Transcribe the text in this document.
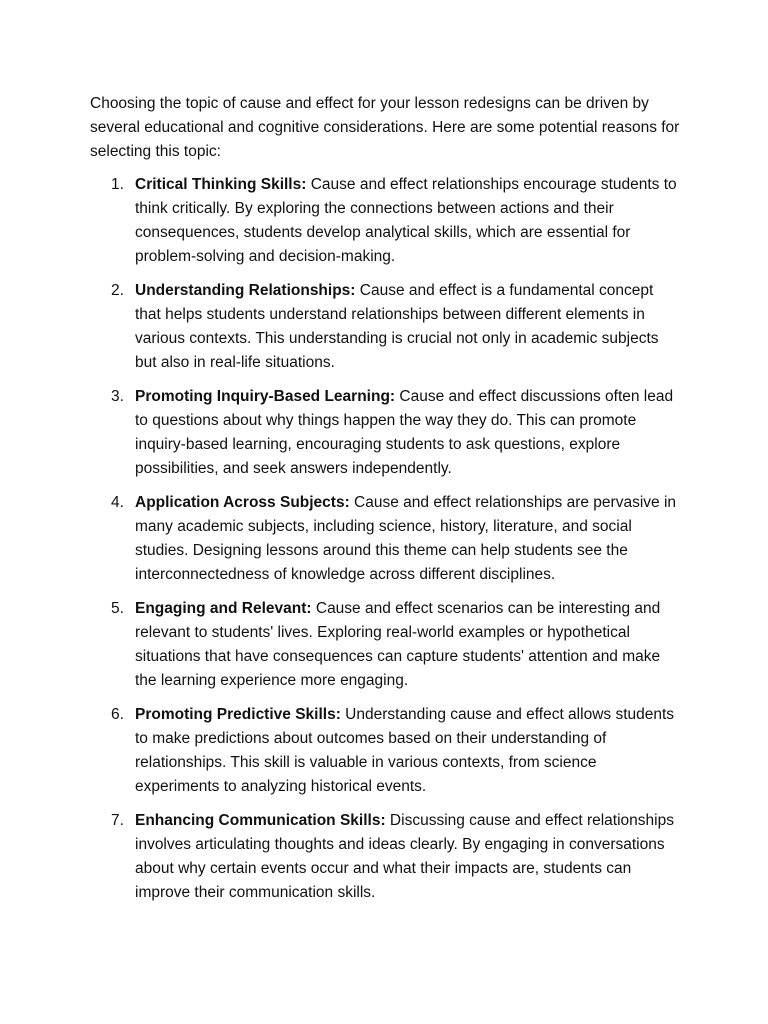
Choosing the topic of cause and effect for your lesson redesigns can be driven by several educational and cognitive considerations. Here are some potential reasons for selecting this topic:

1. Critical Thinking Skills: Cause and effect relationships encourage students to think critically. By exploring the connections between actions and their consequences, students develop analytical skills, which are essential for problem-solving and decision-making.
2. Understanding Relationships: Cause and effect is a fundamental concept that helps students understand relationships between different elements in various contexts. This understanding is crucial not only in academic subjects but also in real-life situations.
3. Promoting Inquiry-Based Learning: Cause and effect discussions often lead to questions about why things happen the way they do. This can promote inquiry-based learning, encouraging students to ask questions, explore possibilities, and seek answers independently.
4. Application Across Subjects: Cause and effect relationships are pervasive in many academic subjects, including science, history, literature, and social studies. Designing lessons around this theme can help students see the interconnectedness of knowledge across different disciplines.
5. Engaging and Relevant: Cause and effect scenarios can be interesting and relevant to students' lives. Exploring real-world examples or hypothetical situations that have consequences can capture students' attention and make the learning experience more engaging.
6. Promoting Predictive Skills: Understanding cause and effect allows students to make predictions about outcomes based on their understanding of relationships. This skill is valuable in various contexts, from science experiments to analyzing historical events.
7. Enhancing Communication Skills: Discussing cause and effect relationships involves articulating thoughts and ideas clearly. By engaging in conversations about why certain events occur and what their impacts are, students can improve their communication skills.
